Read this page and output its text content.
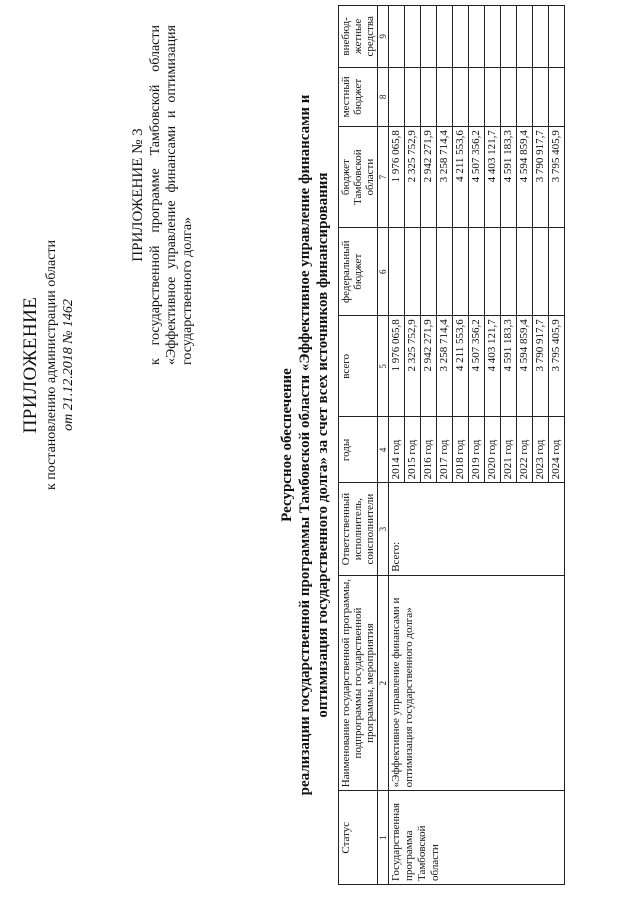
ПРИЛОЖЕНИЕ к постановлению администрации области от 21.12.2018 № 1462
ПРИЛОЖЕНИЕ № 3 к государственной программе Тамбовской области «Эффективное управление финансами и оптимизация государственного долга»
Ресурсное обеспечение реализации государственной программы Тамбовской области «Эффективное управление финансами и оптимизация государственного долга» за счет всех источников финансирования
Статус	Наименование государственной программы, подпрограммы государственной программы, мероприятия	Ответственный исполнитель, соисполнители	годы	всего	федеральный бюджет	бюджет Тамбовской области	местный бюджет	внебюд-жетные средства
1	2	3	4	5	6	7	8	9
Государственная программа Тамбовской области	«Эффективное управление финансами и оптимизация государственного долга»	Всего:	2014 год	1 976 065,8		1 976 065,8		
			2015 год	2 325 752,9		2 325 752,9		
			2016 год	2 942 271,9		2 942 271,9		
			2017 год	3 258 714,4		3 258 714,4		
			2018 год	4 211 553,6		4 211 553,6		
			2019 год	4 507 356,2		4 507 356,2		
			2020 год	4 403 121,7		4 403 121,7		
			2021 год	4 591 183,3		4 591 183,3		
			2022 год	4 594 859,4		4 594 859,4		
			2023 год	3 790 917,7		3 790 917,7		
			2024 год	3 795 405,9		3 795 405,9		
